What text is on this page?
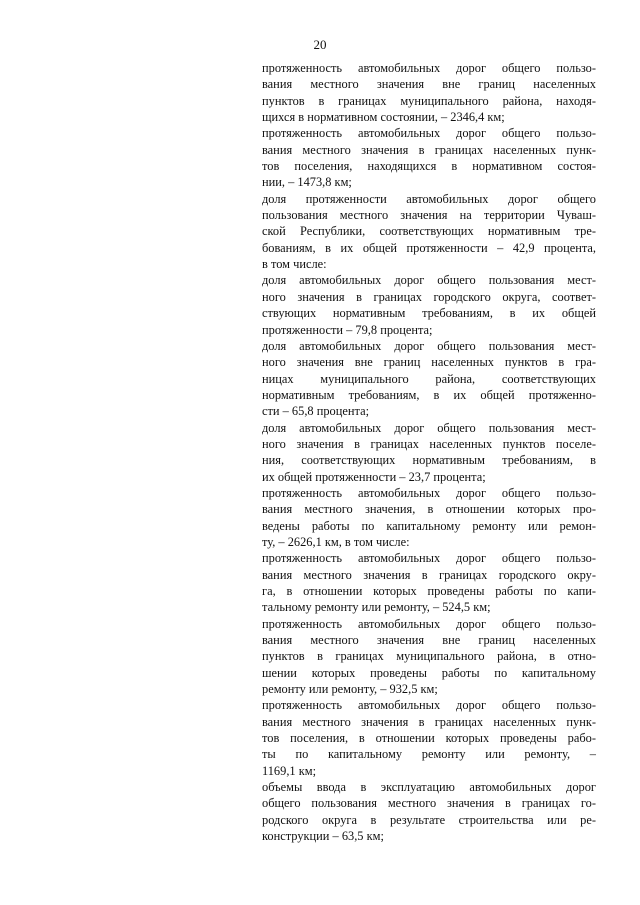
20
протяженность автомобильных дорог общего пользо-
вания местного значения вне границ населенных
пунктов в границах муниципального района, находя-
щихся в нормативном состоянии, – 2346,4 км;
протяженность автомобильных дорог общего пользо-
вания местного значения в границах населенных пунк-
тов поселения, находящихся в нормативном состоя-
нии, – 1473,8 км;
доля протяженности автомобильных дорог общего
пользования местного значения на территории Чуваш-
ской Республики, соответствующих нормативным тре-
бованиям, в их общей протяженности – 42,9 процента,
в том числе:
доля автомобильных дорог общего пользования мест-
ного значения в границах городского округа, соответ-
ствующих нормативным требованиям, в их общей
протяженности – 79,8 процента;
доля автомобильных дорог общего пользования мест-
ного значения вне границ населенных пунктов в гра-
ницах муниципального района, соответствующих
нормативным требованиям, в их общей протяженно-
сти – 65,8 процента;
доля автомобильных дорог общего пользования мест-
ного значения в границах населенных пунктов поселе-
ния, соответствующих нормативным требованиям, в
их общей протяженности – 23,7 процента;
протяженность автомобильных дорог общего пользо-
вания местного значения, в отношении которых про-
ведены работы по капитальному ремонту или ремон-
ту, – 2626,1 км, в том числе:
протяженность автомобильных дорог общего пользо-
вания местного значения в границах городского окру-
га, в отношении которых проведены работы по капи-
тальному ремонту или ремонту, – 524,5 км;
протяженность автомобильных дорог общего пользо-
вания местного значения вне границ населенных
пунктов в границах муниципального района, в отно-
шении которых проведены работы по капитальному
ремонту или ремонту, – 932,5 км;
протяженность автомобильных дорог общего пользо-
вания местного значения в границах населенных пунк-
тов поселения, в отношении которых проведены рабо-
ты по капитальному ремонту или ремонту, –
1169,1 км;
объемы ввода в эксплуатацию автомобильных дорог
общего пользования местного значения в границах го-
родского округа в результате строительства или ре-
конструкции – 63,5 км;
